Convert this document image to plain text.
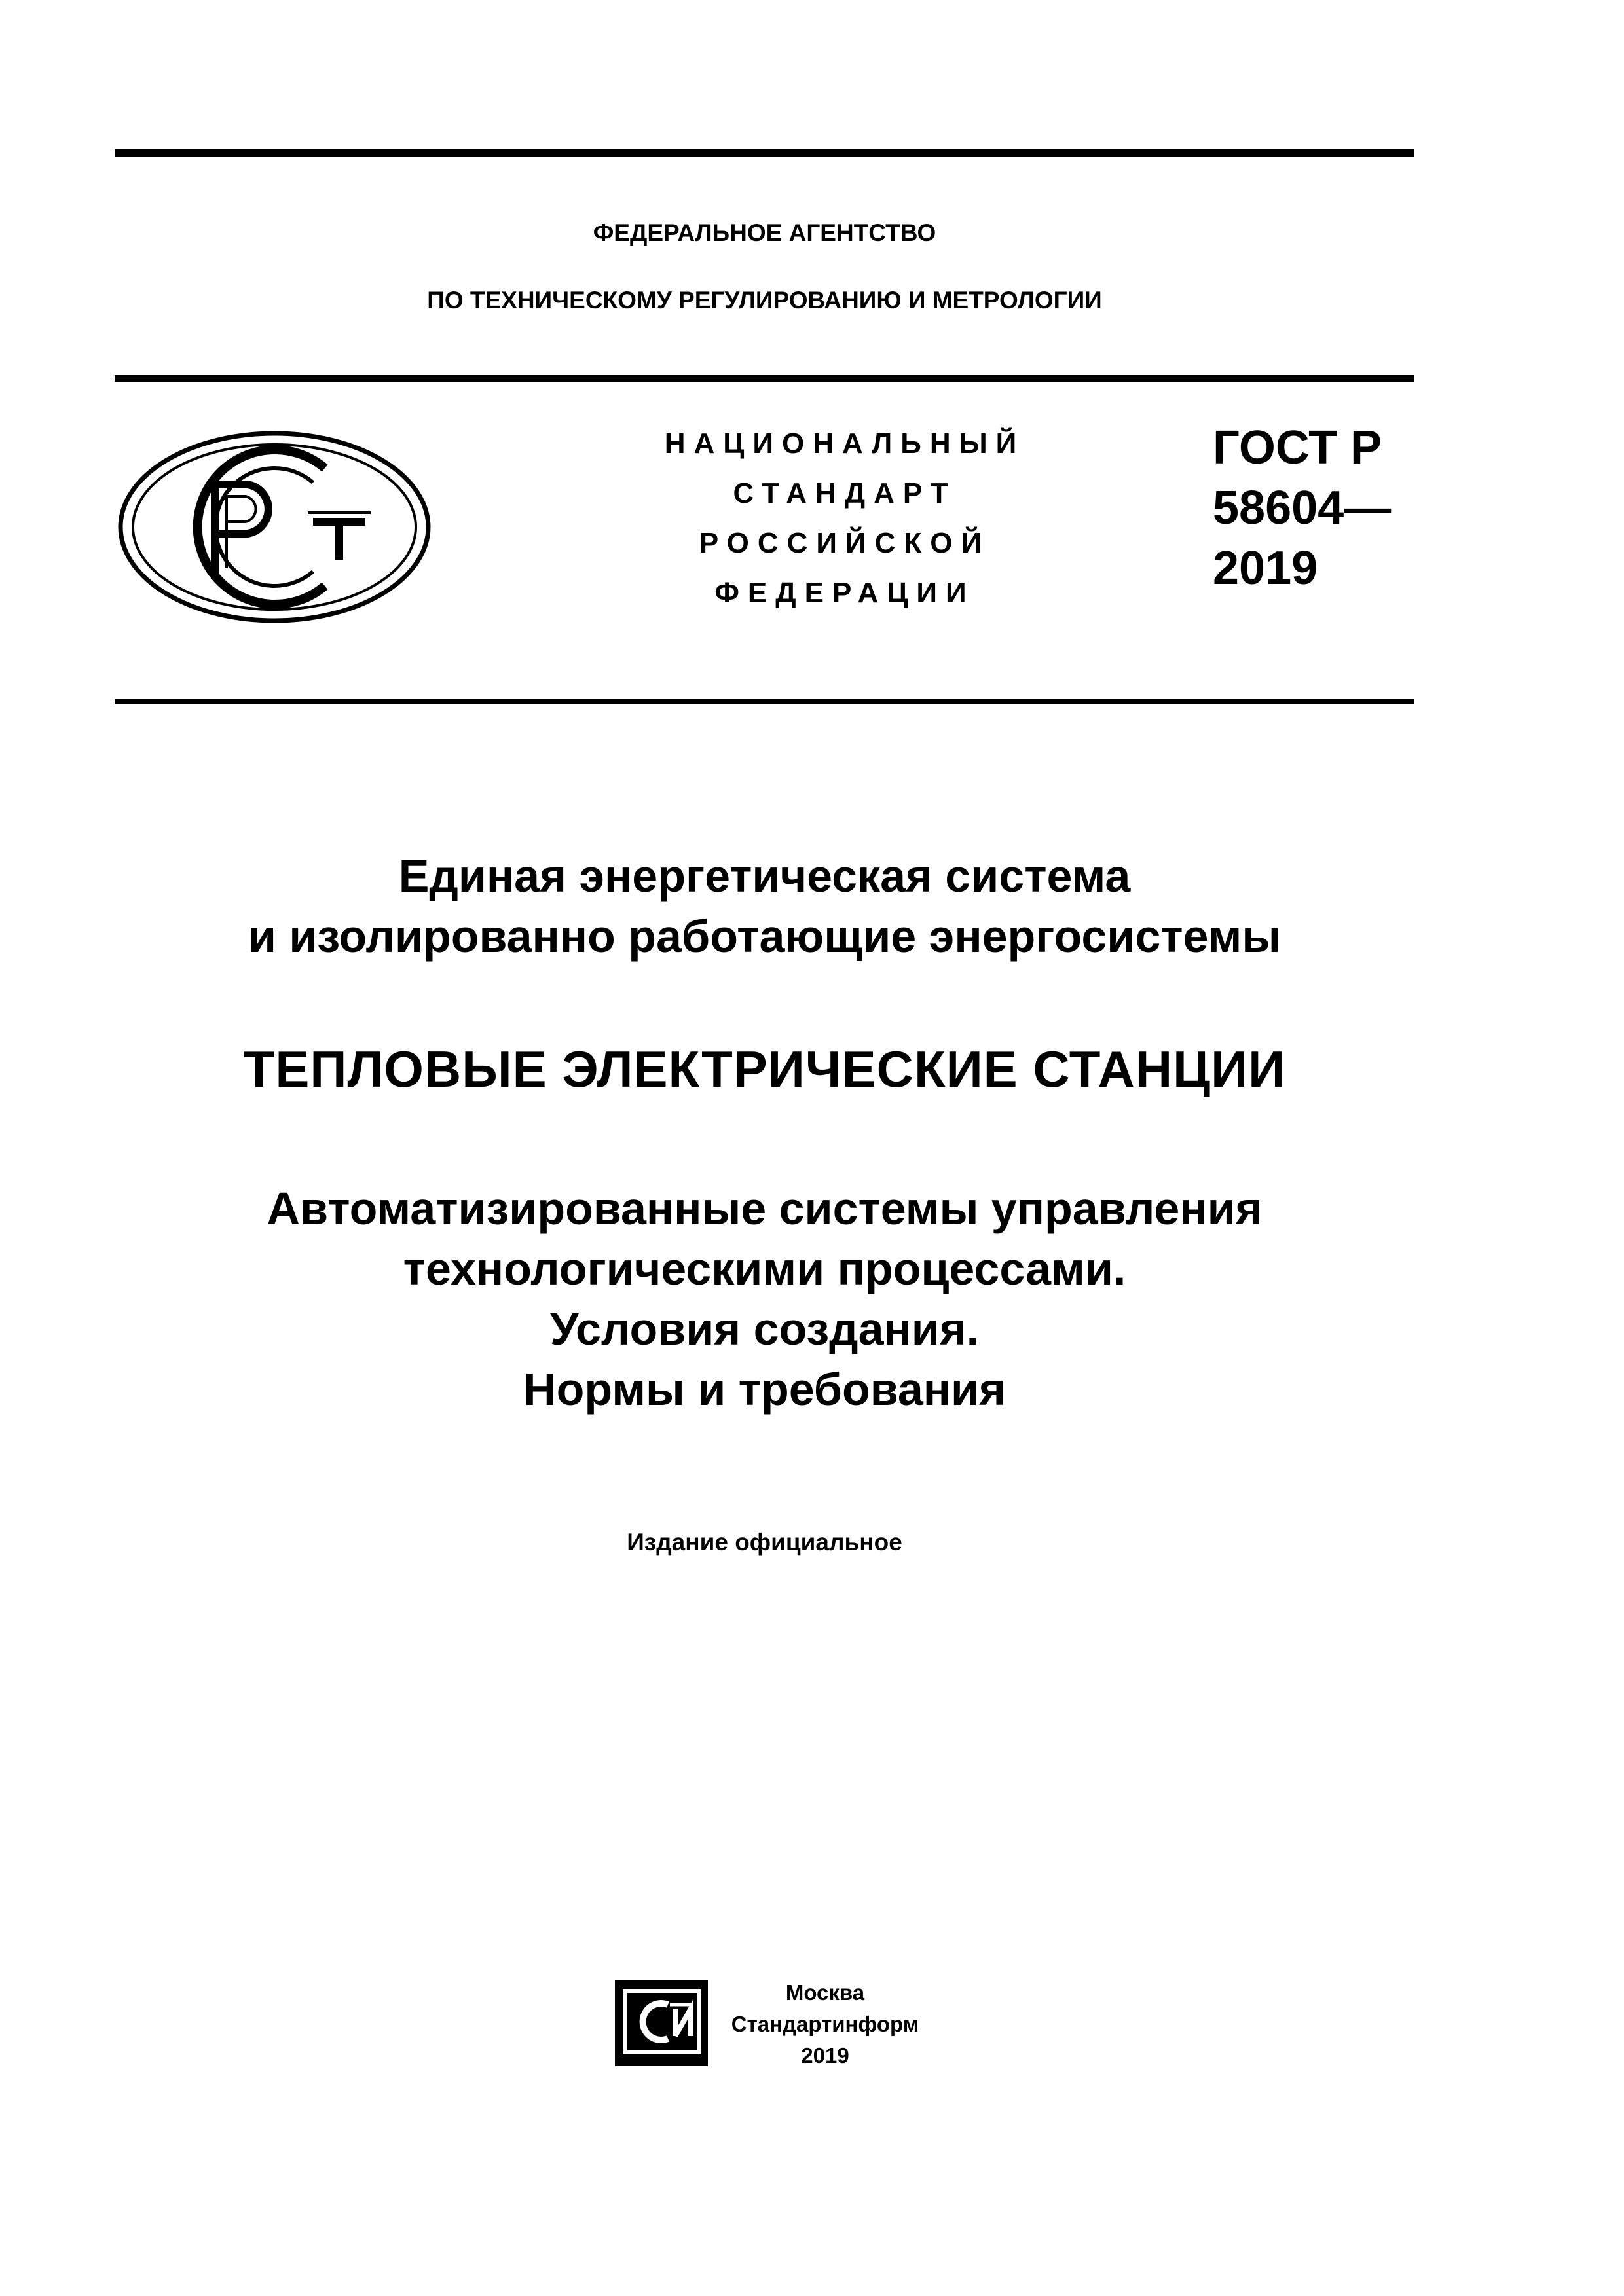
ФЕДЕРАЛЬНОЕ АГЕНТСТВО
ПО ТЕХНИЧЕСКОМУ РЕГУЛИРОВАНИЮ И МЕТРОЛОГИИ
НАЦИОНАЛЬНЫЙ
СТАНДАРТ
РОССИЙСКОЙ
ФЕДЕРАЦИИ
ГОСТ Р
58604—
2019
Единая энергетическая система
и изолированно работающие энергосистемы
ТЕПЛОВЫЕ ЭЛЕКТРИЧЕСКИЕ СТАНЦИИ
Автоматизированные системы управления
технологическими процессами.
Условия создания.
Нормы и требования
Издание официальное
Москва
Стандартинформ
2019
